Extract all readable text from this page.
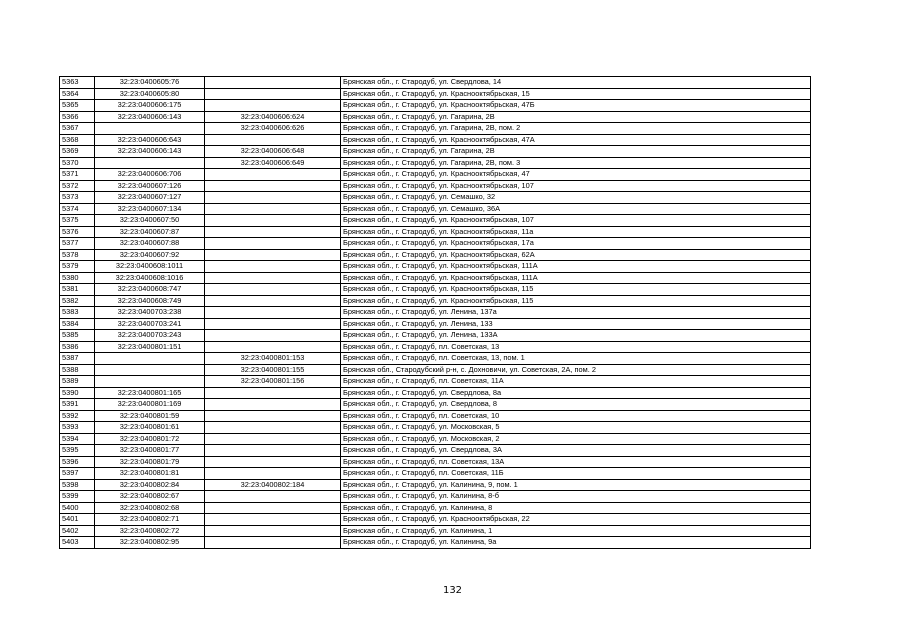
5363	32:23:0400605:76		Брянская обл., г. Стародуб, ул. Свердлова, 14
5364	32:23:0400605:80		Брянская обл., г. Стародуб, ул. Краснооктябрьская, 15
5365	32:23:0400606:175		Брянская обл., г. Стародуб, ул. Краснооктябрьская, 47Б
5366	32:23:0400606:143	32:23:0400606:624	Брянская обл., г. Стародуб, ул. Гагарина, 2В
5367		32:23:0400606:626	Брянская обл., г. Стародуб, ул. Гагарина, 2В, пом. 2
5368	32:23:0400606:643		Брянская обл., г. Стародуб, ул. Краснооктябрьская, 47А
5369	32:23:0400606:143	32:23:0400606:648	Брянская обл., г. Стародуб, ул. Гагарина, 2В
5370		32:23:0400606:649	Брянская обл., г. Стародуб, ул. Гагарина, 2В, пом. 3
5371	32:23:0400606:706		Брянская обл., г. Стародуб, ул. Краснооктябрьская, 47
5372	32:23:0400607:126		Брянская обл., г. Стародуб, ул. Краснооктябрьская, 107
5373	32:23:0400607:127		Брянская обл., г. Стародуб, ул. Семашко, 32
5374	32:23:0400607:134		Брянская обл., г. Стародуб, ул. Семашко, 36А
5375	32:23:0400607:50		Брянская обл., г. Стародуб, ул. Краснооктябрьская, 107
5376	32:23:0400607:87		Брянская обл., г. Стародуб, ул. Краснооктябрьская, 11а
5377	32:23:0400607:88		Брянская обл., г. Стародуб, ул. Краснооктябрьская, 17а
5378	32:23:0400607:92		Брянская обл., г. Стародуб, ул. Краснооктябрьская, 62А
5379	32:23:0400608:1011		Брянская обл., г. Стародуб, ул. Краснооктябрьская, 111А
5380	32:23:0400608:1016		Брянская обл., г. Стародуб, ул. Краснооктябрьская, 111А
5381	32:23:0400608:747		Брянская обл., г. Стародуб, ул. Краснооктябрьская, 115
5382	32:23:0400608:749		Брянская обл., г. Стародуб, ул. Краснооктябрьская, 115
5383	32:23:0400703:238		Брянская обл., г. Стародуб, ул. Ленина, 137а
5384	32:23:0400703:241		Брянская обл., г. Стародуб, ул. Ленина, 133
5385	32:23:0400703:243		Брянская обл., г. Стародуб, ул. Ленина, 133А
5386	32:23:0400801:151		Брянская обл., г. Стародуб, пл. Советская, 13
5387		32:23:0400801:153	Брянская обл., г. Стародуб, пл. Советская, 13, пом. 1
5388		32:23:0400801:155	Брянская обл., Стародубский р-н, с. Дохновичи, ул. Советская, 2А, пом. 2
5389		32:23:0400801:156	Брянская обл., г. Стародуб, пл. Советская, 11А
5390	32:23:0400801:165		Брянская обл., г. Стародуб, ул. Свердлова, 8а
5391	32:23:0400801:169		Брянская обл., г. Стародуб, ул. Свердлова, 8
5392	32:23:0400801:59		Брянская обл., г. Стародуб, пл. Советская, 10
5393	32:23:0400801:61		Брянская обл., г. Стародуб, ул. Московская, 5
5394	32:23:0400801:72		Брянская обл., г. Стародуб, ул. Московская, 2
5395	32:23:0400801:77		Брянская обл., г. Стародуб, ул. Свердлова, 3А
5396	32:23:0400801:79		Брянская обл., г. Стародуб, пл. Советская, 13А
5397	32:23:0400801:81		Брянская обл., г. Стародуб, пл. Советская, 11Б
5398	32:23:0400802:84	32:23:0400802:184	Брянская обл., г. Стародуб, ул. Калинина, 9, пом. 1
5399	32:23:0400802:67		Брянская обл., г. Стародуб, ул. Калинина, 8-б
5400	32:23:0400802:68		Брянская обл., г. Стародуб, ул. Калинина, 8
5401	32:23:0400802:71		Брянская обл., г. Стародуб, ул. Краснооктябрьская, 22
5402	32:23:0400802:72		Брянская обл., г. Стародуб, ул. Калинина, 1
5403	32:23:0400802:95		Брянская обл., г. Стародуб, ул. Калинина, 9а
132
